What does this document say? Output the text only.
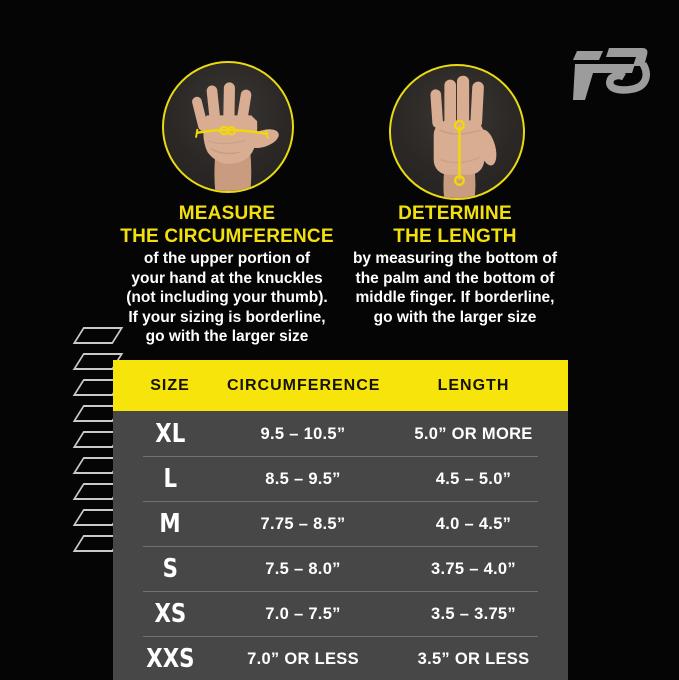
MEASURE
THE CIRCUMFERENCE
of the upper portion of
your hand at the knuckles
(not including your thumb).
If your sizing is borderline,
go with the larger size
DETERMINE
THE LENGTH
by measuring the bottom of
the palm and the bottom of
middle finger. If borderline,
go with the larger size
SIZE	CIRCUMFERENCE	LENGTH
XL	9.5 – 10.5”	5.0” OR MORE
L	8.5 – 9.5”	4.5 – 5.0”
M	7.75 – 8.5”	4.0 – 4.5”
S	7.5 – 8.0”	3.75 – 4.0”
XS	7.0 – 7.5”	3.5 – 3.75”
XXS	7.0” OR LESS	3.5” OR LESS
